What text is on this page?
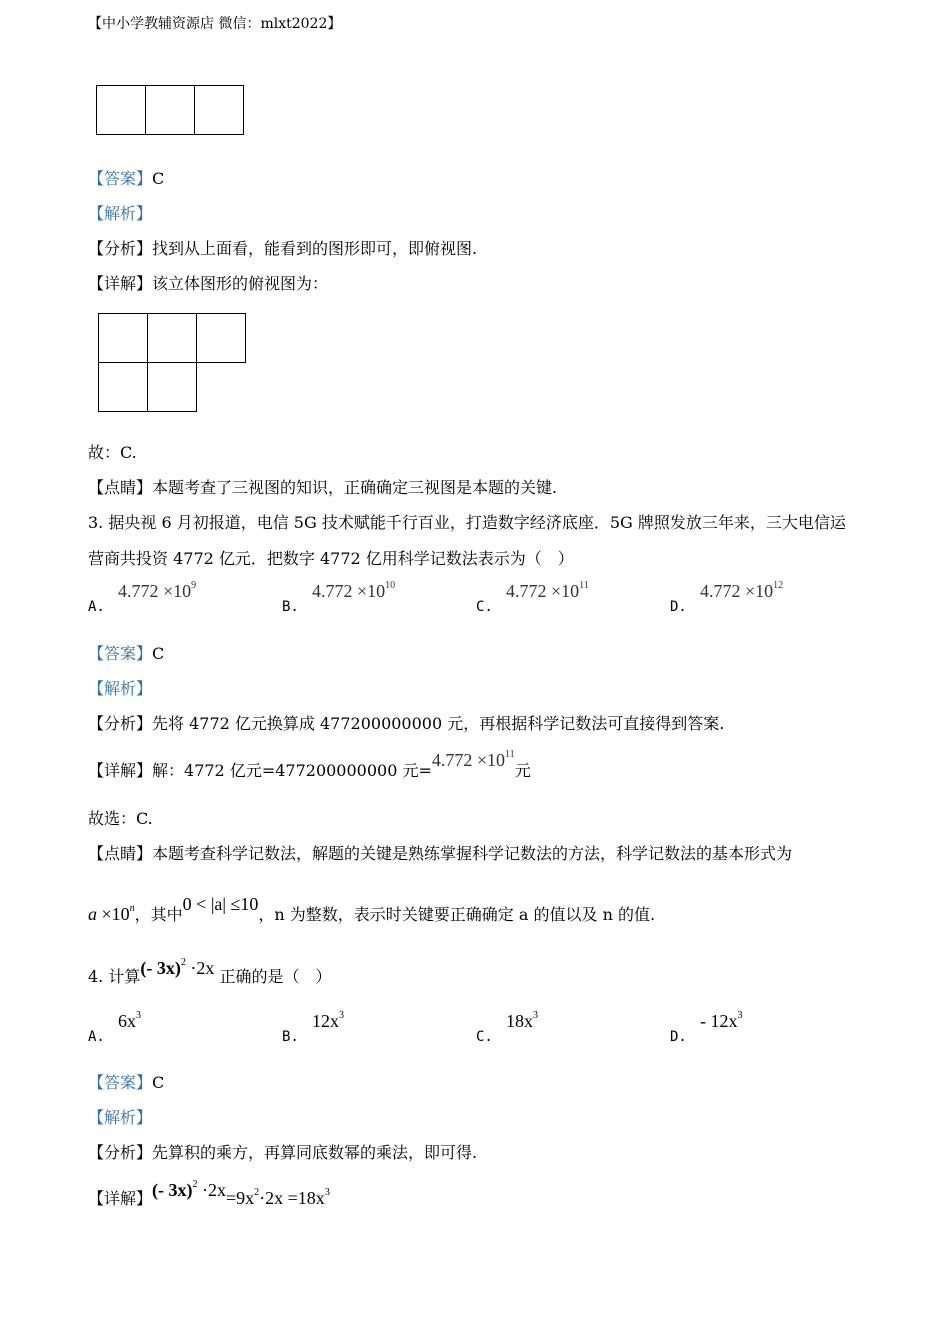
【中小学教辅资源店 微信：mlxt2022】
【答案】C
【解析】
【分析】找到从上面看，能看到的图形即可，即俯视图.
【详解】该立体图形的俯视图为：
故：C.
【点睛】本题考查了三视图的知识，正确确定三视图是本题的关键.
3. 据央视 6 月初报道，电信 5G 技术赋能千行百业，打造数字经济底座．5G 牌照发放三年来，三大电信运
营商共投资 4772 亿元．把数字 4772 亿用科学记数法表示为（　）
A. $4.772 \times 10^9$
B. $4.772 \times 10^{10}$
C. $4.772 \times 10^{11}$
D. $4.772 \times 10^{12}$
【答案】C
【解析】
【分析】先将 4772 亿元换算成 477200000000 元，再根据科学记数法可直接得到答案.
【详解】解：4772 亿元=477200000000 元$=4.772 \times 10^{11}$元
故选：C.
【点睛】本题考查科学记数法，解题的关键是熟练掌握科学记数法的方法，科学记数法的基本形式为
$a \times 10^n$，其中0 < |a| ≤10，n 为整数，表示时关键要正确确定 a 的值以及 n 的值.
4. 计算(- 3x)$^2$ ·2x 正确的是（　）
A. $6x^3$
B. $12x^3$
C. $18x^3$
D. - $12x^3$
【答案】C
【解析】
【分析】先算积的乘方，再算同底数幂的乘法，即可得.
【详解】(- $3x)^2 \cdot 2x=9x^2\cdot 2x =18x^3$
